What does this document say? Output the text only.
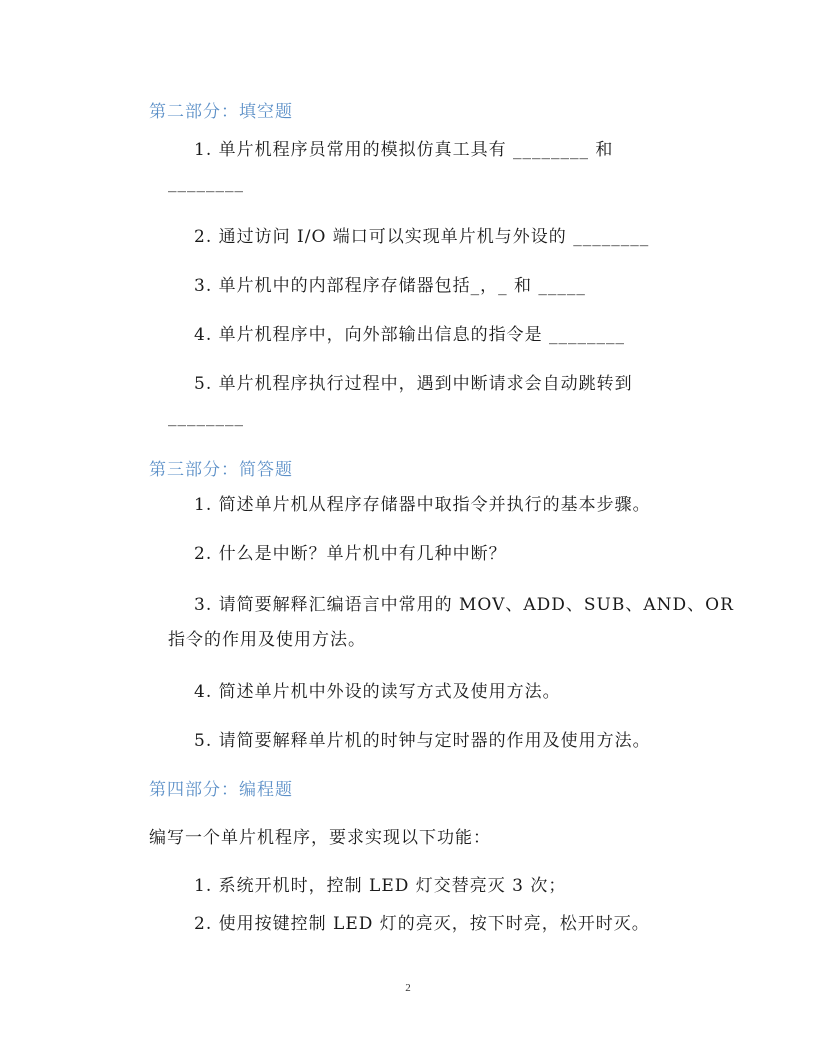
第二部分：填空题
1. 单片机程序员常用的模拟仿真工具有 ________ 和
________
2. 通过访问 I/O 端口可以实现单片机与外设的 ________
3. 单片机中的内部程序存储器包括_，_ 和 _____
4. 单片机程序中，向外部输出信息的指令是 ________
5. 单片机程序执行过程中，遇到中断请求会自动跳转到
________
第三部分：简答题
1. 简述单片机从程序存储器中取指令并执行的基本步骤。
2. 什么是中断？单片机中有几种中断？
3. 请简要解释汇编语言中常用的 MOV、ADD、SUB、AND、OR
指令的作用及使用方法。
4. 简述单片机中外设的读写方式及使用方法。
5. 请简要解释单片机的时钟与定时器的作用及使用方法。
第四部分：编程题
编写一个单片机程序，要求实现以下功能：
1. 系统开机时，控制 LED 灯交替亮灭 3 次；
2. 使用按键控制 LED 灯的亮灭，按下时亮，松开时灭。
2
